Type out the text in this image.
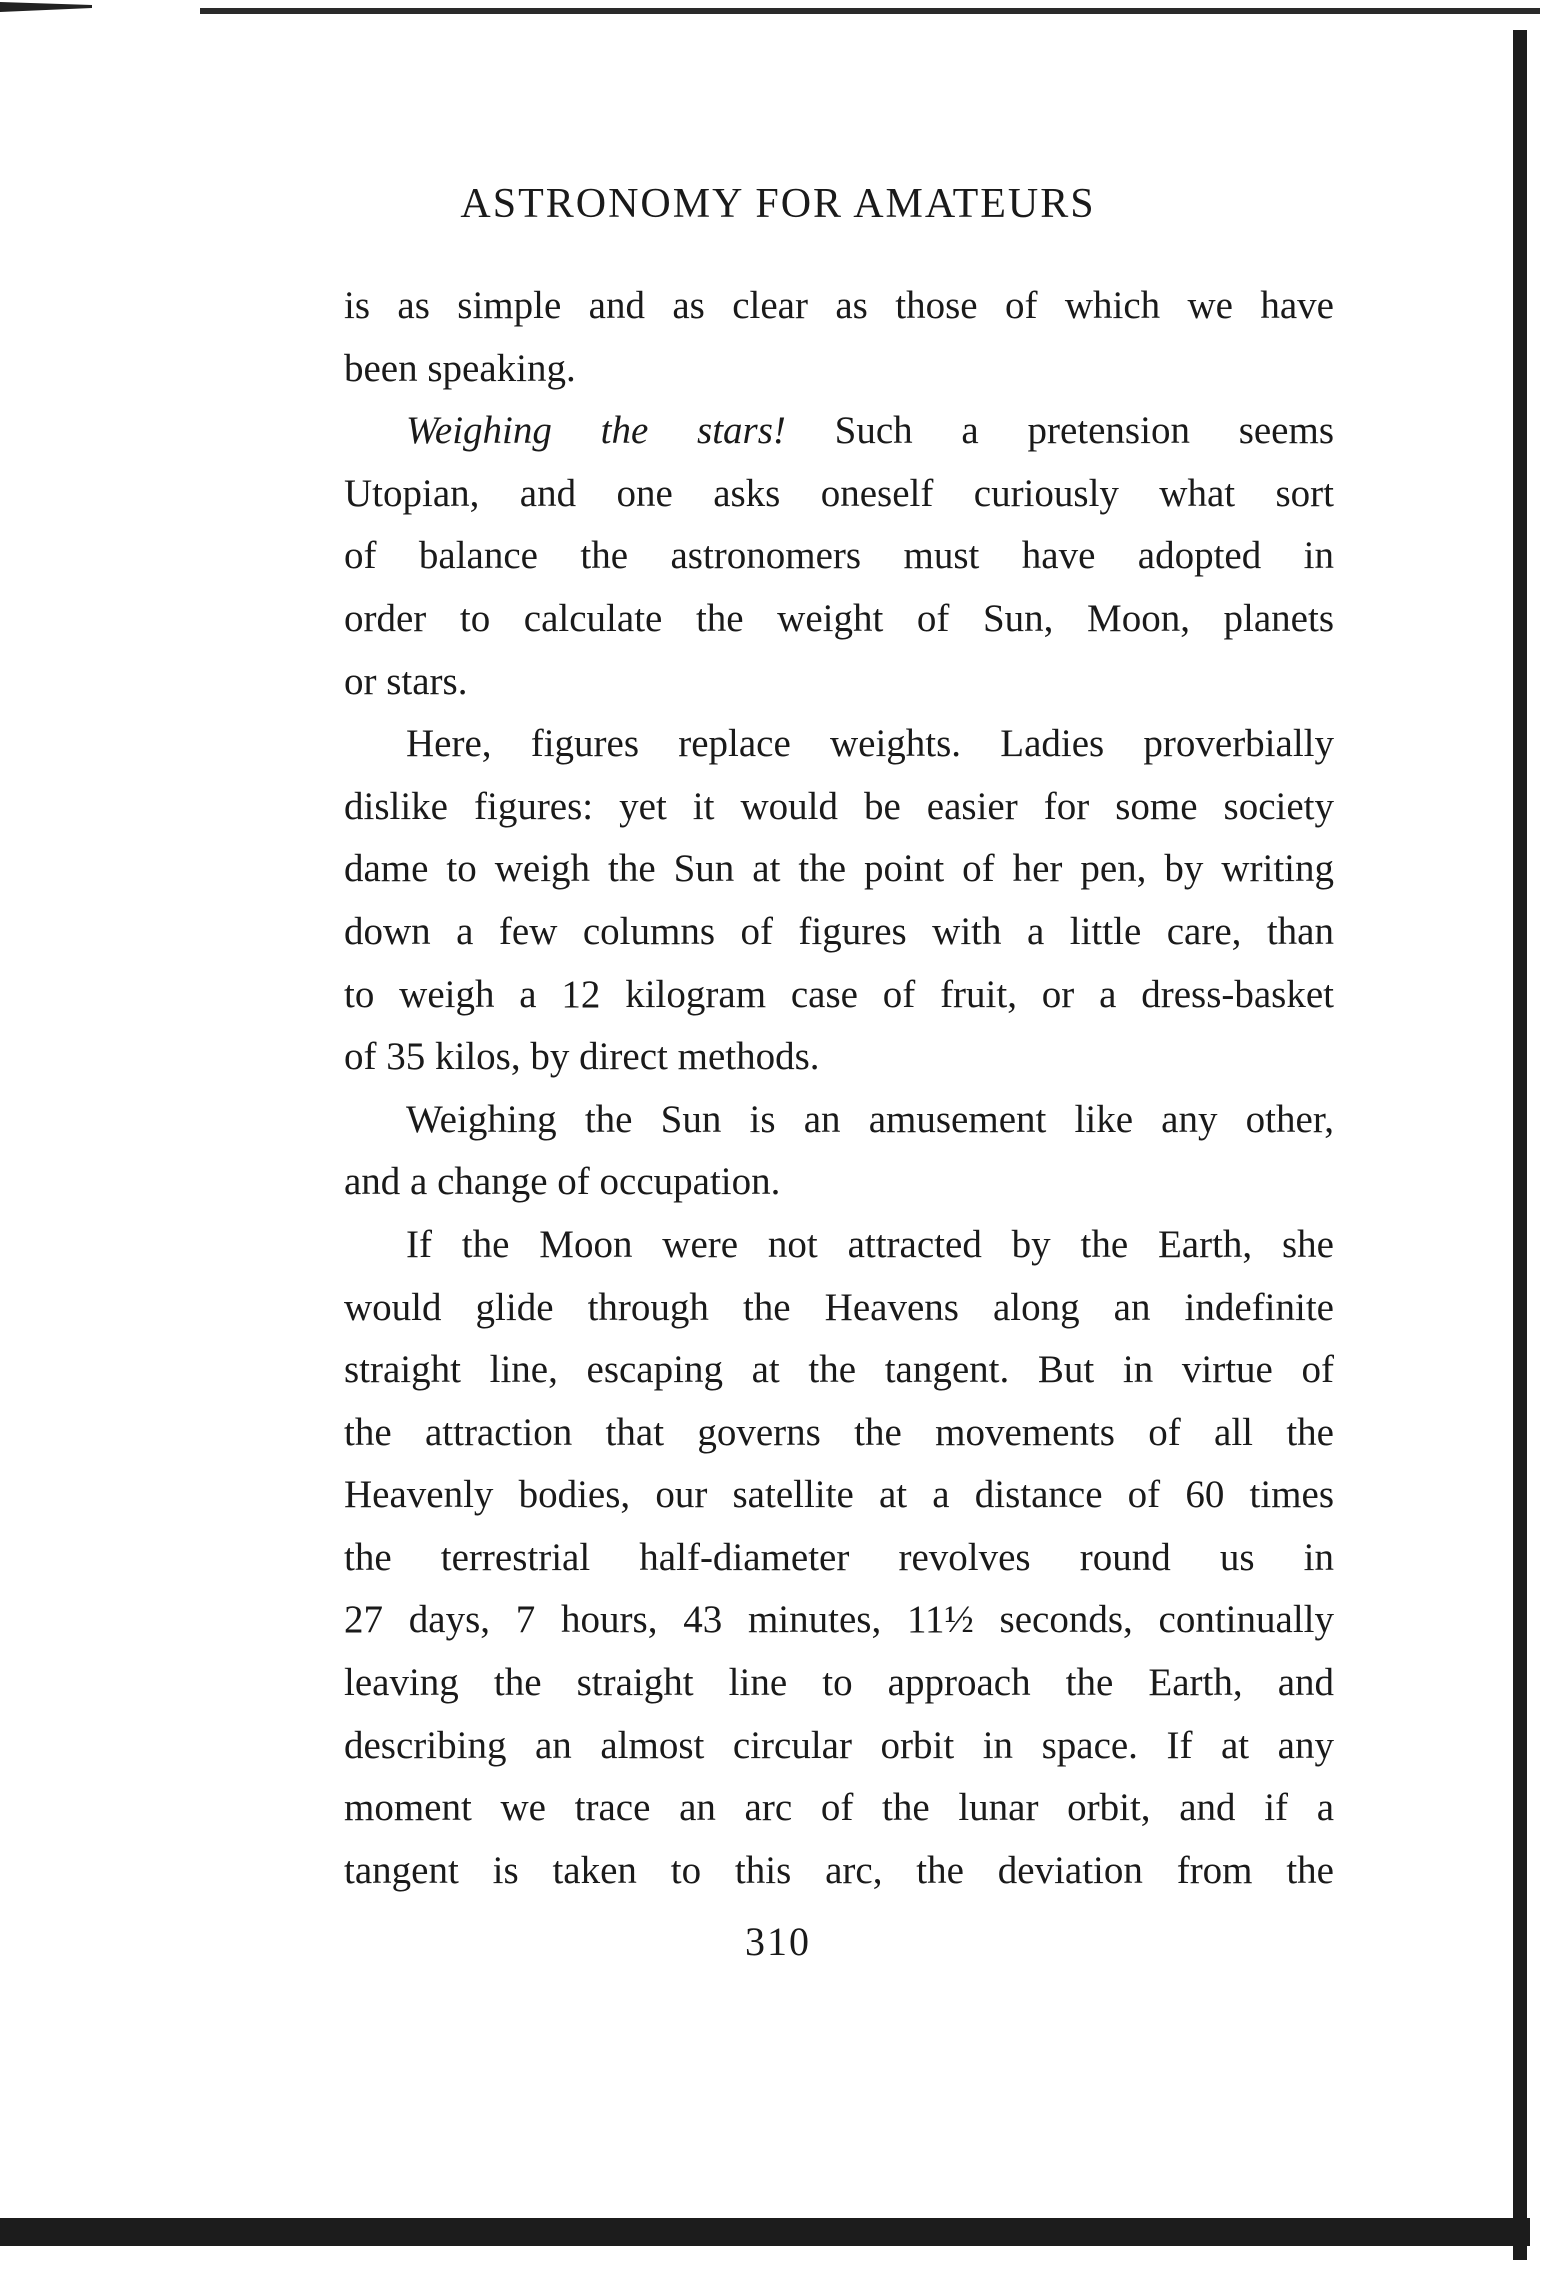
ASTRONOMY FOR AMATEURS
is as simple and as clear as those of which we have
been speaking.
Weighing the stars! Such a pretension seems
Utopian, and one asks oneself curiously what sort
of balance the astronomers must have adopted in
order to calculate the weight of Sun, Moon, planets
or stars.
Here, figures replace weights. Ladies proverbially
dislike figures: yet it would be easier for some society
dame to weigh the Sun at the point of her pen, by writing
down a few columns of figures with a little care, than
to weigh a 12 kilogram case of fruit, or a dress-basket
of 35 kilos, by direct methods.
Weighing the Sun is an amusement like any other,
and a change of occupation.
If the Moon were not attracted by the Earth, she
would glide through the Heavens along an indefinite
straight line, escaping at the tangent. But in virtue of
the attraction that governs the movements of all the
Heavenly bodies, our satellite at a distance of 60 times
the terrestrial half-diameter revolves round us in
27 days, 7 hours, 43 minutes, 11½ seconds, continually
leaving the straight line to approach the Earth, and
describing an almost circular orbit in space. If at any
moment we trace an arc of the lunar orbit, and if a
tangent is taken to this arc, the deviation from the
310
